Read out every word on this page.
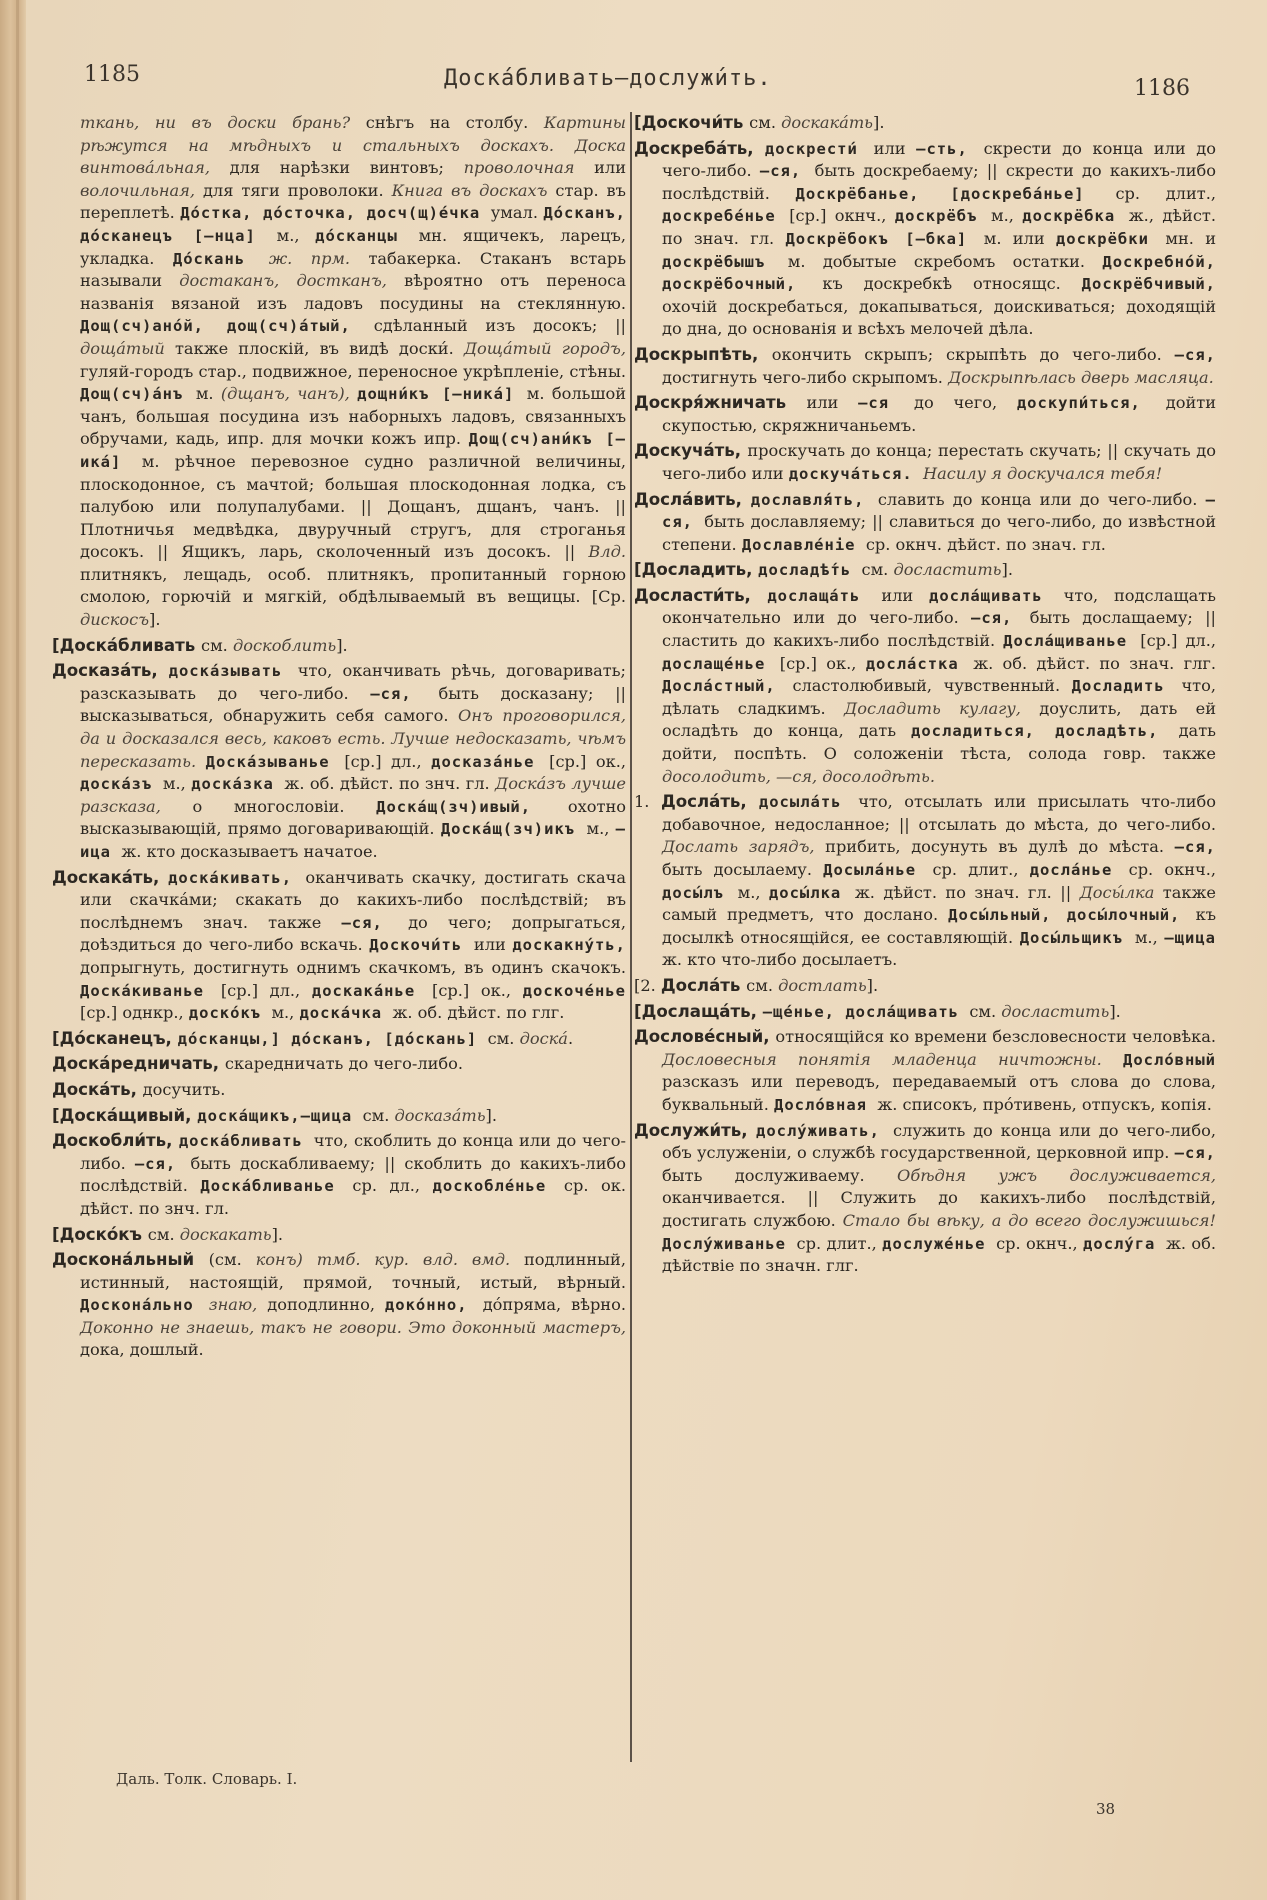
1185	Доскáбливать—дослужи́ть.	1186

ткань, ни въ доски брань? снѣгъ на столбу. Картины рѣжутся на мѣдныхъ и стальныхъ доскахъ. Доска винтовáльная, для нарѣзки винтовъ; проволочная или волочильная, для тяги проволоки. Книга въ доскахъ стар. въ переплетѣ. Дóстка, дóсточка, досч(щ)éчка умал. Дóсканъ, дóсканецъ [—нца] м., дóсканцы мн. ящичекъ, ларецъ, укладка. Дóскань ж. прм. табакерка. Стаканъ встарь называли достаканъ, достканъ, вѣроятно отъ переноса названія вязаной изъ ладовъ посудины на стеклянную. Дощ(сч)анóй, дощ(сч)áтый, сдѣланный изъ досокъ; || дощáтый также плоскій, въ видѣ доски́. Дощáтый городъ, гуляй-городъ стар., подвижное, переносное укрѣпленіе, стѣны. Дощ(сч)áнъ м. (дщанъ, чанъ), дощни́къ [—никá] м. большой чанъ, большая посудина изъ наборныхъ ладовъ, связанныхъ обручами, кадь, ипр. для мочки кожъ ипр. Дощ(сч)ани́къ [—икá] м. рѣчное перевозное судно различной величины, плоскодонное, съ мачтой; большая плоскодонная лодка, съ палубою или полупалубами. || Дощанъ, дщанъ, чанъ. || Плотничья медвѣдка, двуручный стругъ, для строганья досокъ. || Ящикъ, ларь, сколоченный изъ досокъ. || Влд. плитнякъ, лещадь, особ. плитнякъ, пропитанный горною смолою, горючій и мягкій, обдѣлываемый въ вещицы. [Ср. дискосъ].

[Доскáбливать см. доскоблить].

Досказáть, доскáзывать что, оканчивать рѣчь, договаривать; разсказывать до чего-либо. —ся, быть досказану; || высказываться, обнаружить себя самого. Онъ проговорился, да и досказался весь, каковъ есть. Лучше недосказать, чѣмъ пересказать. Доскáзыванье [ср.] дл., досказáнье [ср.] ок., доскáзъ м., доскáзка ж. об. дѣйст. по знч. гл. Доскáзъ лучше разсказа, о многословіи. Доскáщ(зч)ивый, охотно высказывающій, прямо договаривающій. Доскáщ(зч)икъ м., —ица ж. кто досказываетъ начатое.

Доскакáть, доскáкивать, оканчивать скачку, достигать скача или скачкáми; скакать до какихъ-либо послѣдствій; въ послѣднемъ знач. также —ся, до чего; допрыгаться, доѣздиться до чего-либо вскачь. Доскочи́ть или доскакну́ть, допрыгнуть, достигнуть однимъ скачкомъ, въ одинъ скачокъ. Доскáкиванье [ср.] дл., доскакáнье [ср.] ок., доскочéнье [ср.] однкр., доскóкъ м., доскáчка ж. об. дѣйст. по глг.

[Дóсканецъ, дóсканцы,] дóсканъ, [дóскань] см. доскá.

Доскáредничать, скаредничать до чего-либо.

Доскáть, досучить.

[Доскáщивый, доскáщикъ,—щица см. досказáть].

Доскобли́ть, доскáбливать что, скоблить до конца или до чего-либо. —ся, быть доскабливаему; || скоблить до какихъ-либо послѣдствій. Доскáбливанье ср. дл., доскоблéнье ср. ок. дѣйст. по знч. гл.

[Доскóкъ см. доскакать].

Доскона́льный (см. конъ) тмб. кур. влд. вмд. подлинный, истинный, настоящій, прямой, точный, истый, вѣрный. Досконáльно знаю, доподлинно, докóнно, дóпряма, вѣрно. Доконно не знаешь, такъ не говори. Это доконный мастеръ, дока, дошлый.

[Доскочи́ть см. доскакáть].

Доскребáть, доскрести́ или —сть, скрести до конца или до чего-либо. —ся, быть доскребаему; || скрести до какихъ-либо послѣдствій. Доскрёбанье, [доскребáнье] ср. длит., доскребéнье [ср.] окнч., доскрёбъ м., доскрёбка ж., дѣйст. по знач. гл. Доскрёбокъ [—бка] м. или доскрёбки мн. и доскрёбышъ м. добытые скребомъ остатки. Доскребнóй, доскрёбочный, къ доскребкѣ относящс. Доскрёбчивый, охочій доскребаться, докапываться, доискиваться; доходящій до дна, до основанія и всѣхъ мелочей дѣла.

Доскрыпѣть, окончить скрыпъ; скрыпѣть до чего-либо. —ся, достигнуть чего-либо скрыпомъ. Доскрыпѣлась дверь масляца.

Доскря́жничать или —ся до чего, доскупи́ться, дойти скупостью, скряжничаньемъ.

Доскучáть, проскучать до конца; перестать скучать; || скучать до чего-либо или доскучáться. Насилу я доскучался тебя!

Дослáвить, дославля́ть, славить до конца или до чего-либо. —ся, быть дославляему; || славиться до чего-либо, до извѣстной степени. Дославлéніе ср. окнч. дѣйст. по знач. гл.

[Досладить, досладѣ́ть см. досластить].

Досласти́ть, дослащáть или дослáщивать что, подслащать окончательно или до чего-либо. —ся, быть дослащаему; || сластить до какихъ-либо послѣдствій. Дослáщиванье [ср.] дл., дослащéнье [ср.] ок., дослáстка ж. об. дѣйст. по знач. глг. Дослáстный, сластолюбивый, чувственный. Досладить что, дѣлать сладкимъ. Досладить кулагу, доуслить, дать ей осладѣть до конца, дать досладиться, досладѣть, дать дойти, поспѣть. О соложеніи тѣста, солода говр. также досолодить, —ся, досолодѣть.

1. Дослáть, досылáть что, отсылать или присылать что-либо добавочное, недосланное; || отсылать до мѣста, до чего-либо. Дослать зарядъ, прибить, досунуть въ дулѣ до мѣста. —ся, быть досылаему. Досылáнье ср. длит., дослáнье ср. окнч., досы́лъ м., досы́лка ж. дѣйст. по знач. гл. || Досы́лка также самый предметъ, что дослано. Досы́льный, досы́лочный, къ досылкѣ относящійся, ее составляющій. Досы́льщикъ м., —щица ж. кто что-либо досылаетъ.

[2. Дослáть см. достлать].

[Дослащáть, —щéнье, дослáщивать см. досластить].

Дословéсный, относящійся ко времени безсловесности человѣка. Дословесныя понятія младенца ничтожны. Дослóвный разсказъ или переводъ, передаваемый отъ слова до слова, буквальный. Дослóвная ж. списокъ, прóтивень, отпускъ, копія.

Дослужи́ть, дослу́живать, служить до конца или до чего-либо, объ услуженіи, о службѣ государственной, церковной ипр. —ся, быть дослуживаему. Обѣдня ужъ дослуживается, оканчивается. || Служить до какихъ-либо послѣдствій, достигать службою. Стало бы вѣку, а до всего дослужишься! Дослу́живанье ср. длит., дослужéнье ср. окнч., дослу́га ж. об. дѣйствіе по значн. глг.

Даль. Толк. Словарь. I.
38
